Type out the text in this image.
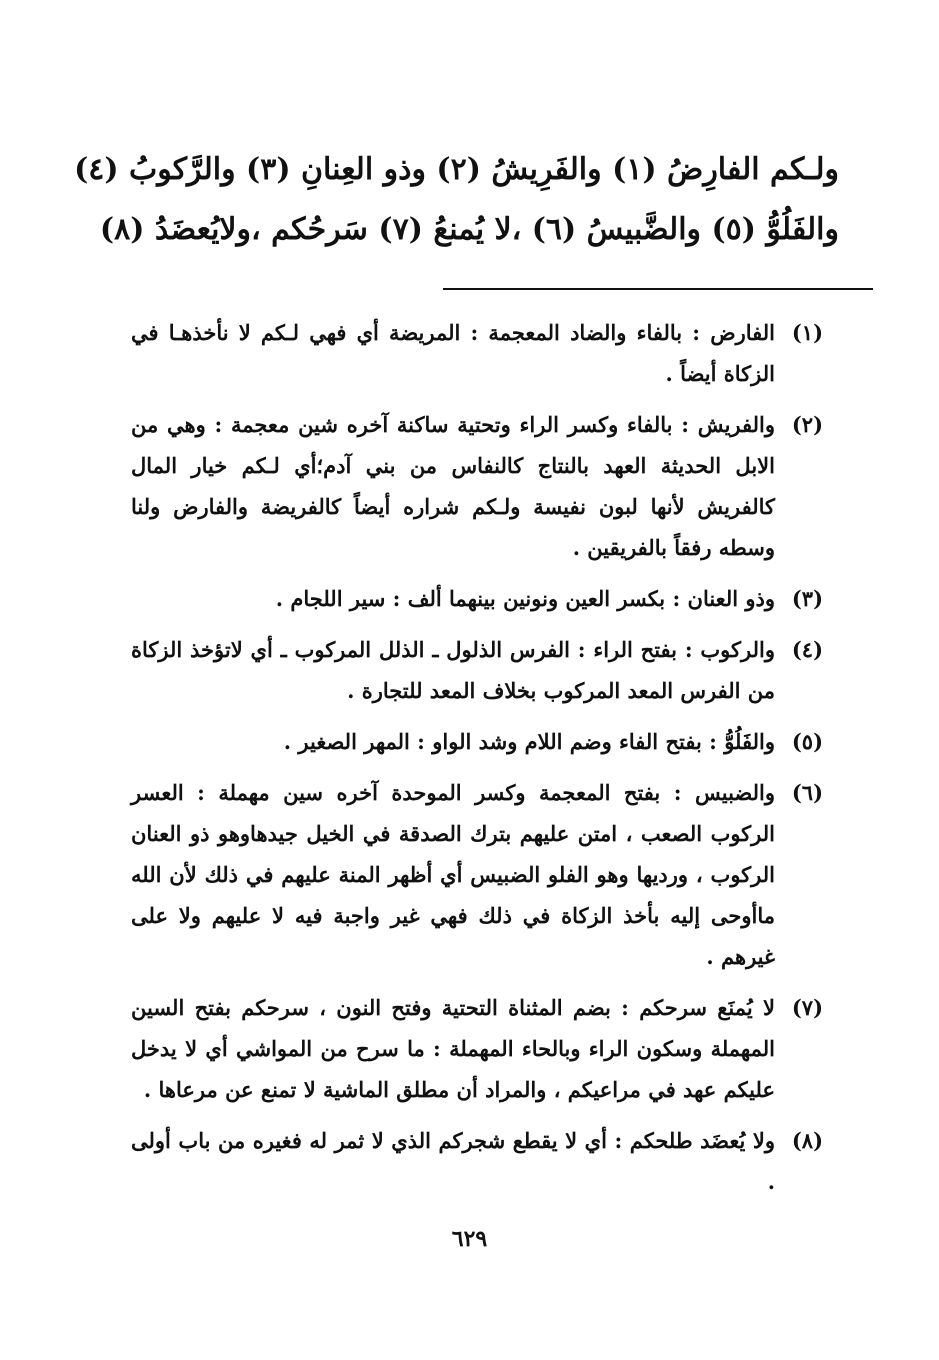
ولـكم الفارِضُ (١) والفَرِيشُ (٢) وذو العِنانِ (٣) والرَّكوبُ (٤)
والفَلُوُّ (٥) والضَّبيسُ (٦) ،لا يُمنعُ (٧) سَرحُكم ،ولايُعضَدُ (٨)
(١)
الفارض : بالفاء والضاد المعجمة : المريضة أي فهي لـكم لا نأخذهـا في الزكاة أيضاً .
(٢)
والفريش : بالفاء وكسر الراء وتحتية ساكنة آخره شين معجمة : وهي من الابل الحديثة العهد بالنتاج كالنفاس من بني آدم؛أي لـكم خيار المال كالفريش لأنها لبون نفيسة ولـكم شراره أيضاً كالفريضة والفارض ولنا وسطه رفقاً بالفريقين .
(٣)
وذو العنان : بكسر العين ونونين بينهما ألف : سير اللجام .
(٤)
والركوب : بفتح الراء : الفرس الذلول ـ الذلل المركوب ـ أي لاتؤخذ الزكاة من الفرس المعد المركوب بخلاف المعد للتجارة .
(٥)
والفَلُوُّ : بفتح الفاء وضم اللام وشد الواو : المهر الصغير .
(٦)
والضبيس : بفتح المعجمة وكسر الموحدة آخره سين مهملة : العسر الركوب الصعب ، امتن عليهم بترك الصدقة في الخيل جيدهاوهو ذو العنان الركوب ، ورديها وهو الفلو الضبيس أي أظهر المنة عليهم في ذلك لأن الله ماأوحى إليه بأخذ الزكاة في ذلك فهي غير واجبة فيه لا عليهم ولا على غيرهم .
(٧)
لا يُمنَع سرحكم : بضم المثناة التحتية وفتح النون ، سرحكم بفتح السين المهملة وسكون الراء وبالحاء المهملة : ما سرح من المواشي أي لا يدخل عليكم عهد في مراعيكم ، والمراد أن مطلق الماشية لا تمنع عن مرعاها .
(٨)
ولا يُعضَد طلحكم : أي لا يقطع شجركم الذي لا ثمر له فغيره من باب أولى .
٦٢٩
